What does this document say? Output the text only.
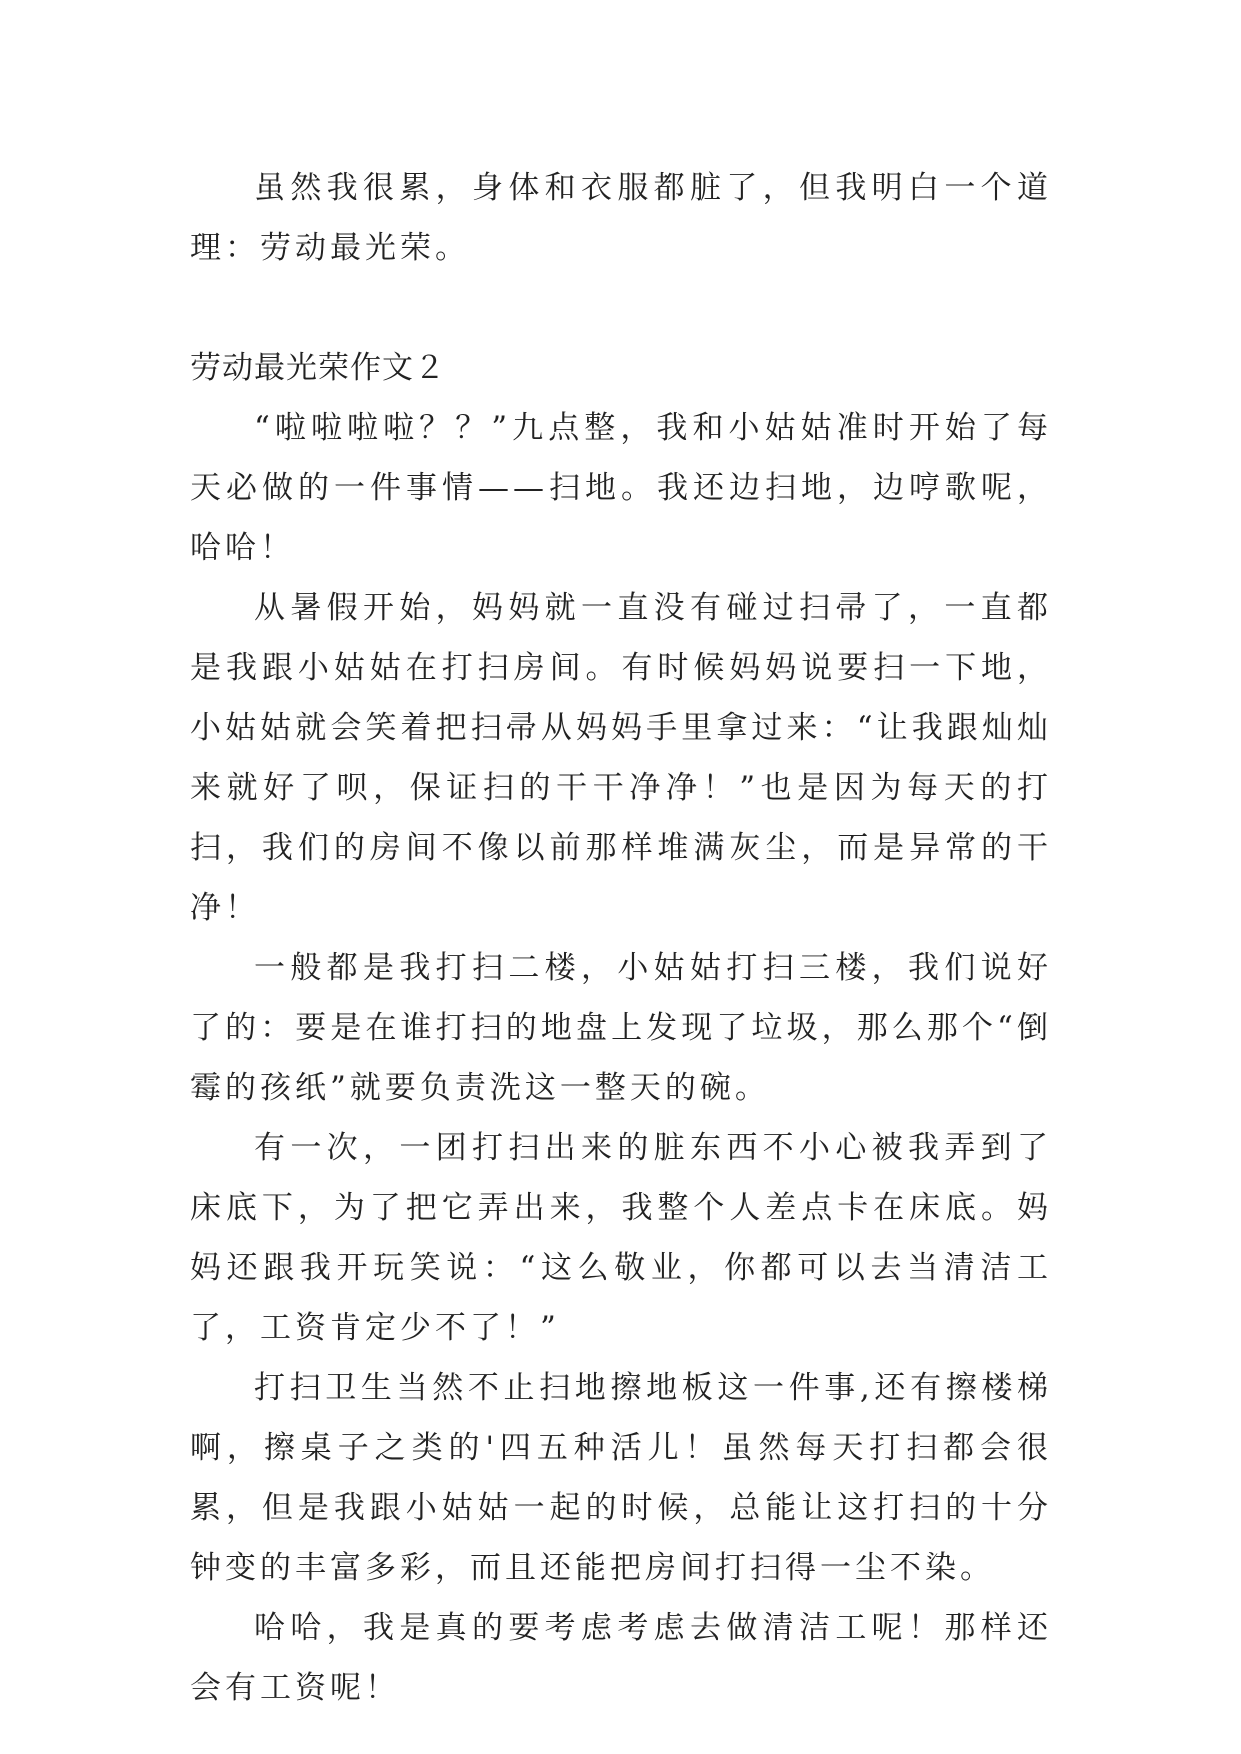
虽然我很累，身体和衣服都脏了，但我明白一个道理：劳动最光荣。

劳动最光荣作文２

“啦啦啦啦？？”九点整，我和小姑姑准时开始了每天必做的一件事情——扫地。我还边扫地，边哼歌呢，哈哈！

从暑假开始，妈妈就一直没有碰过扫帚了，一直都是我跟小姑姑在打扫房间。有时候妈妈说要扫一下地，小姑姑就会笑着把扫帚从妈妈手里拿过来：“让我跟灿灿来就好了呗，保证扫的干干净净！”也是因为每天的打扫，我们的房间不像以前那样堆满灰尘，而是异常的干净！

一般都是我打扫二楼，小姑姑打扫三楼，我们说好了的：要是在谁打扫的地盘上发现了垃圾，那么那个“倒霉的孩纸”就要负责洗这一整天的碗。

有一次，一团打扫出来的脏东西不小心被我弄到了床底下，为了把它弄出来，我整个人差点卡在床底。妈妈还跟我开玩笑说：“这么敬业，你都可以去当清洁工了，工资肯定少不了！”

打扫卫生当然不止扫地擦地板这一件事,还有擦楼梯啊，擦桌子之类的'四五种活儿！虽然每天打扫都会很累，但是我跟小姑姑一起的时候，总能让这打扫的十分钟变的丰富多彩，而且还能把房间打扫得一尘不染。

哈哈，我是真的要考虑考虑去做清洁工呢！那样还会有工资呢！
